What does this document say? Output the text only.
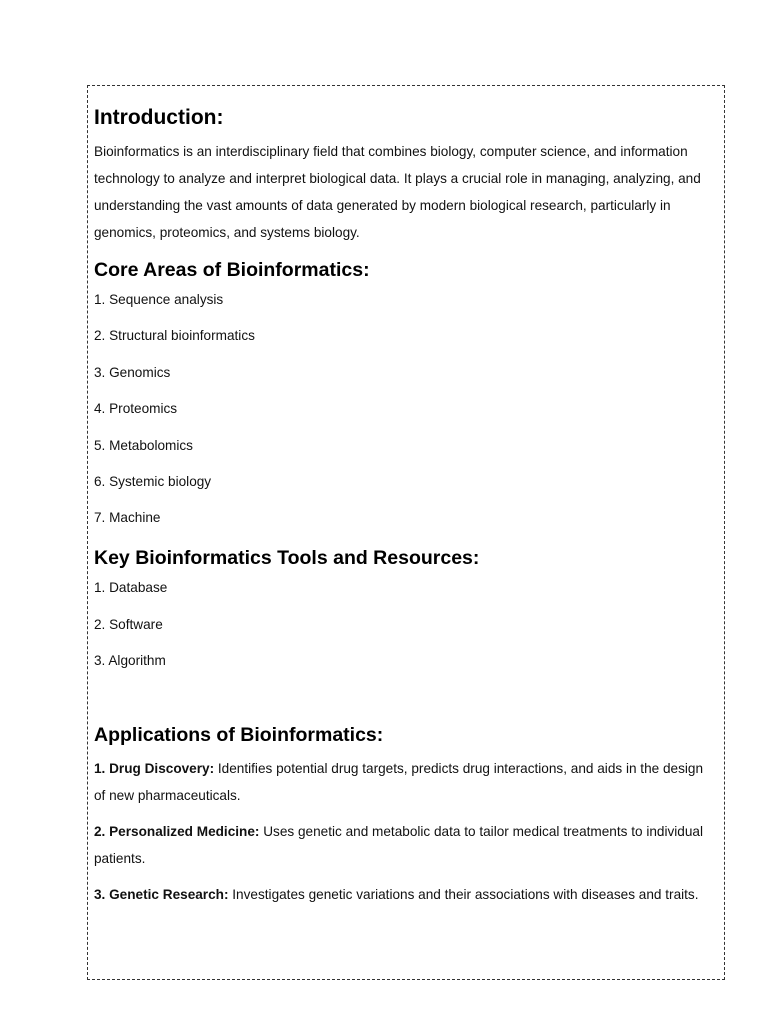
Introduction:

Bioinformatics is an interdisciplinary field that combines biology, computer science, and information technology to analyze and interpret biological data. It plays a crucial role in managing, analyzing, and understanding the vast amounts of data generated by modern biological research, particularly in genomics, proteomics, and systems biology.

Core Areas of Bioinformatics:
1. Sequence analysis
2. Structural bioinformatics
3. Genomics
4. Proteomics
5. Metabolomics
6. Systemic biology
7. Machine
Key Bioinformatics Tools and Resources:
1. Database
2. Software
3. Algorithm
Applications of Bioinformatics:

1. Drug Discovery: Identifies potential drug targets, predicts drug interactions, and aids in the design of new pharmaceuticals.

2. Personalized Medicine: Uses genetic and metabolic data to tailor medical treatments to individual patients.

3. Genetic Research: Investigates genetic variations and their associations with diseases and traits.
